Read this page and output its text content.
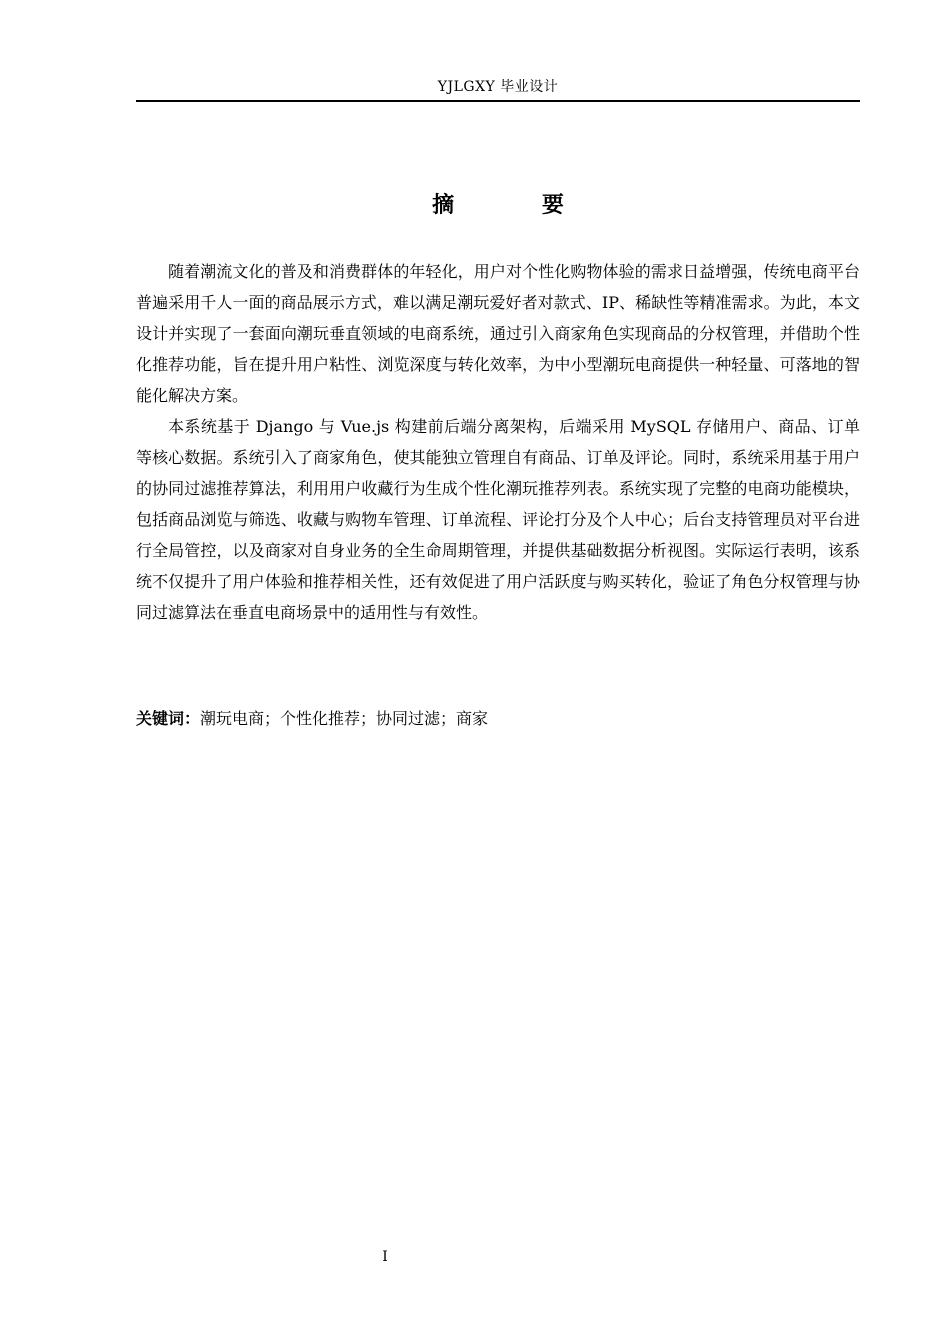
YJLGXY 毕业设计
摘 要

随着潮流文化的普及和消费群体的年轻化，用户对个性化购物体验的需求日益增强，传统电商平台普遍采用千人一面的商品展示方式，难以满足潮玩爱好者对款式、IP、稀缺性等精准需求。为此，本文设计并实现了一套面向潮玩垂直领域的电商系统，通过引入商家角色实现商品的分权管理，并借助个性化推荐功能，旨在提升用户粘性、浏览深度与转化效率，为中小型潮玩电商提供一种轻量、可落地的智能化解决方案。

本系统基于 Django 与 Vue.js 构建前后端分离架构，后端采用 MySQL 存储用户、商品、订单等核心数据。系统引入了商家角色，使其能独立管理自有商品、订单及评论。同时，系统采用基于用户的协同过滤推荐算法，利用用户收藏行为生成个性化潮玩推荐列表。系统实现了完整的电商功能模块，包括商品浏览与筛选、收藏与购物车管理、订单流程、评论打分及个人中心；后台支持管理员对平台进行全局管控，以及商家对自身业务的全生命周期管理，并提供基础数据分析视图。实际运行表明，该系统不仅提升了用户体验和推荐相关性，还有效促进了用户活跃度与购买转化，验证了角色分权管理与协同过滤算法在垂直电商场景中的适用性与有效性。

关键词：潮玩电商；个性化推荐；协同过滤；商家
I
